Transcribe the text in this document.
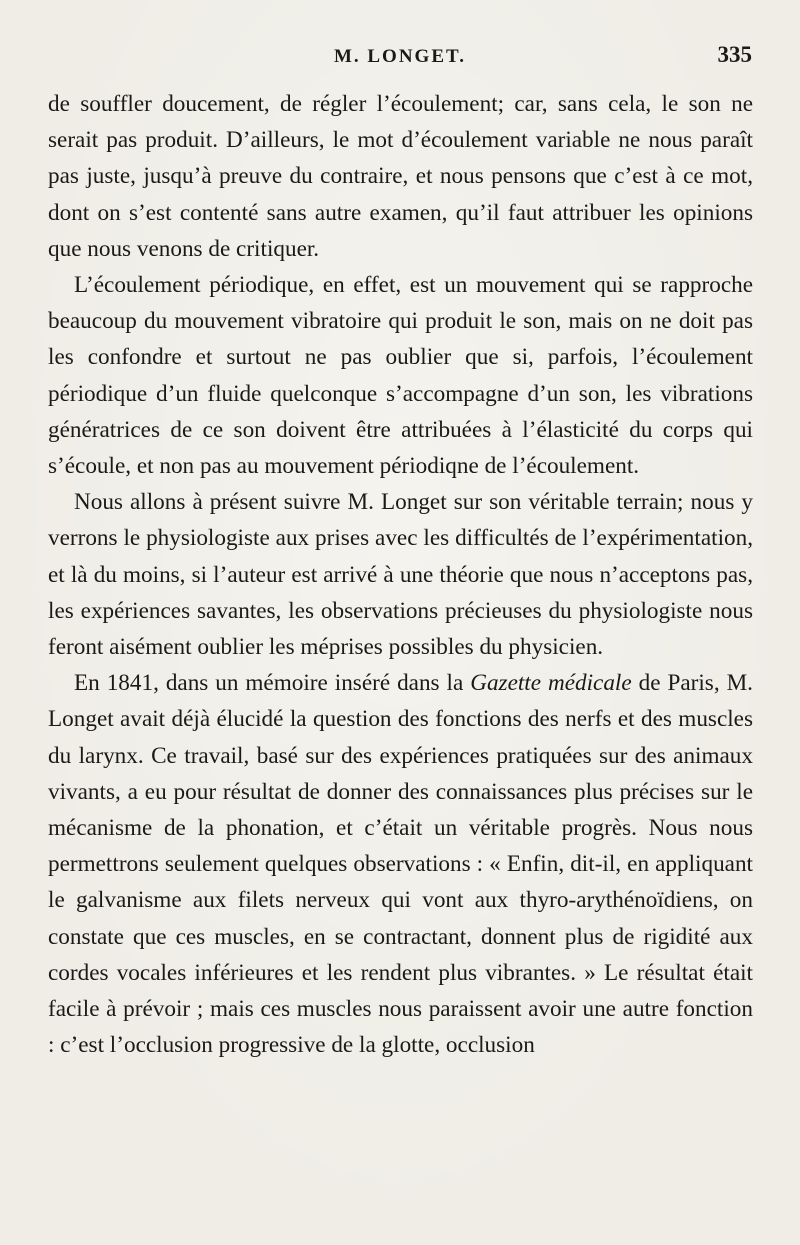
M. LONGET.	335

de souffler doucement, de régler l’écoulement; car, sans cela, le son ne serait pas produit. D’ailleurs, le mot d’écoulement variable ne nous paraît pas juste, jusqu’à preuve du contraire, et nous pensons que c’est à ce mot, dont on s’est contenté sans autre examen, qu’il faut attribuer les opinions que nous venons de critiquer.

L’écoulement périodique, en effet, est un mouvement qui se rapproche beaucoup du mouvement vibratoire qui produit le son, mais on ne doit pas les confondre et surtout ne pas oublier que si, parfois, l’écoulement périodique d’un fluide quelconque s’accompagne d’un son, les vibrations génératrices de ce son doivent être attribuées à l’élasticité du corps qui s’écoule, et non pas au mouvement périodiqne de l’écoulement.

Nous allons à présent suivre M. Longet sur son véritable terrain; nous y verrons le physiologiste aux prises avec les difficultés de l’expérimentation, et là du moins, si l’auteur est arrivé à une théorie que nous n’acceptons pas, les expériences savantes, les observations précieuses du physiologiste nous feront aisément oublier les méprises possibles du physicien.

En 1841, dans un mémoire inséré dans la Gazette médicale de Paris, M. Longet avait déjà élucidé la question des fonctions des nerfs et des muscles du larynx. Ce travail, basé sur des expériences pratiquées sur des animaux vivants, a eu pour résultat de donner des connaissances plus précises sur le mécanisme de la phonation, et c’était un véritable progrès. Nous nous permettrons seulement quelques observations : « Enfin, dit-il, en appliquant le galvanisme aux filets nerveux qui vont aux thyro-arythénoïdiens, on constate que ces muscles, en se contractant, donnent plus de rigidité aux cordes vocales inférieures et les rendent plus vibrantes. » Le résultat était facile à prévoir ; mais ces muscles nous paraissent avoir une autre fonction : c’est l’occlusion progressive de la glotte, occlusion
